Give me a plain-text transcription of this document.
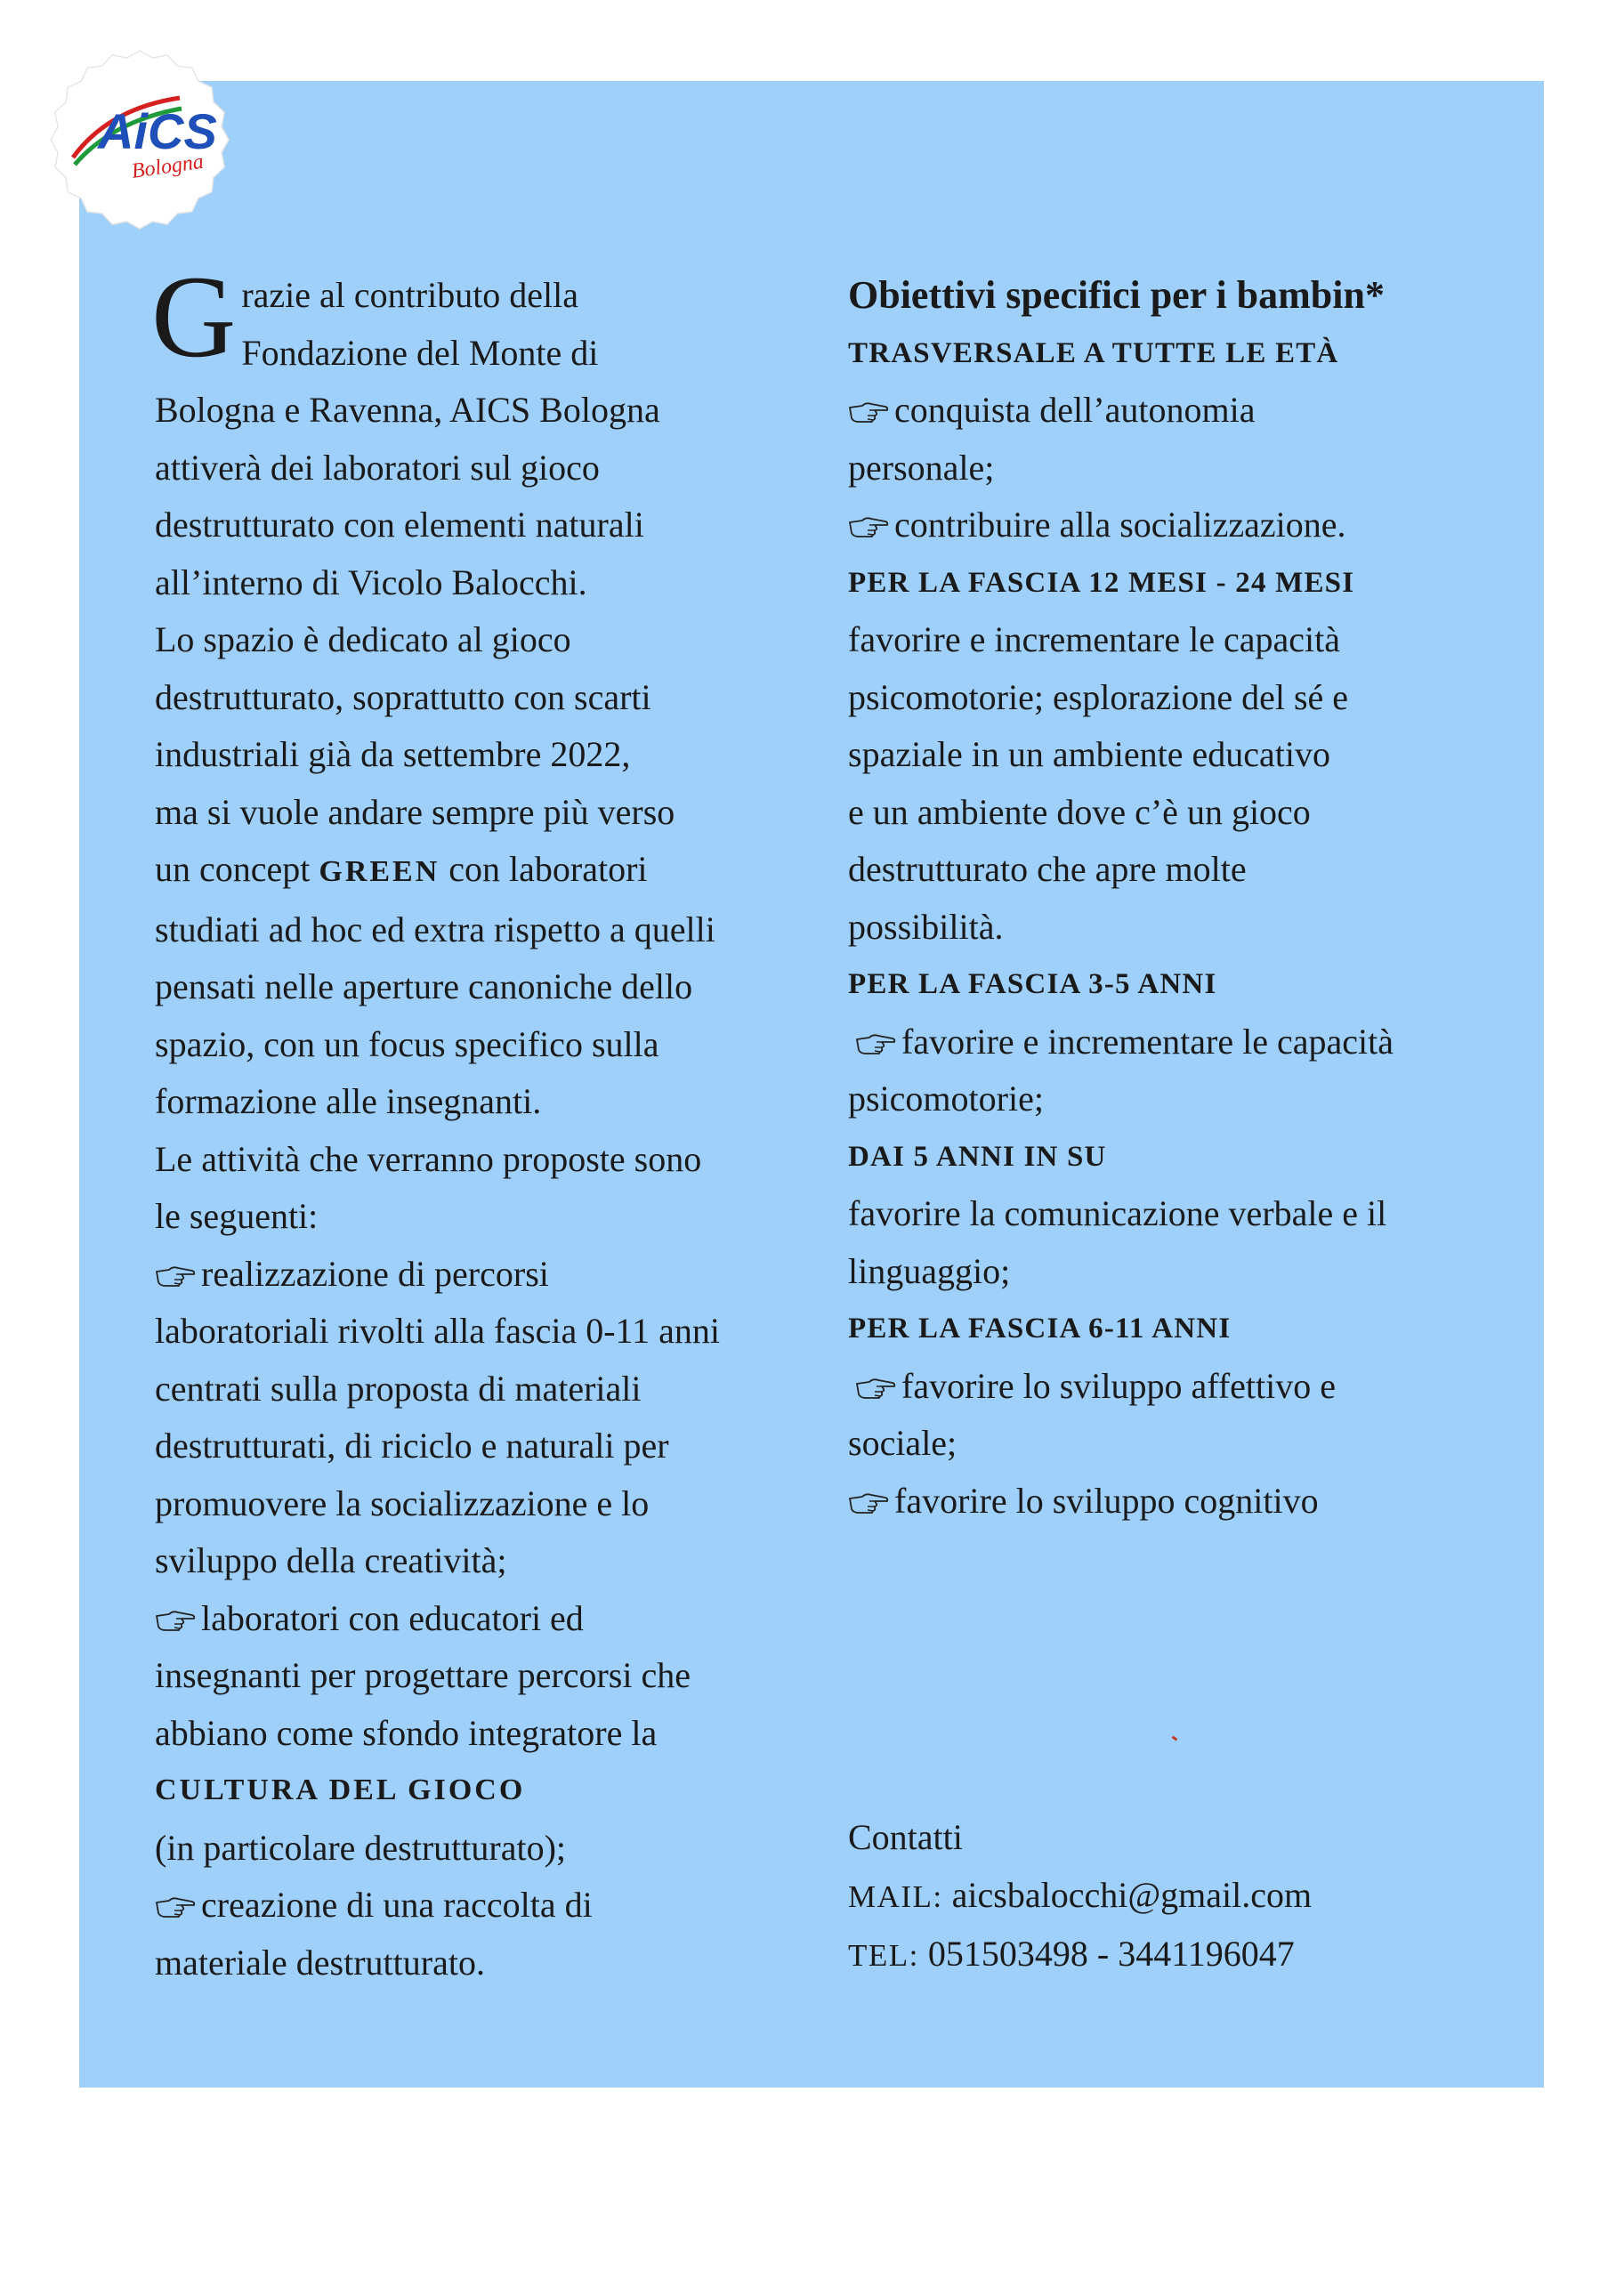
AiCS
Bologna
G razie al contributo della
Fondazione del Monte di
Bologna e Ravenna, AICS Bologna
attiverà dei laboratori sul gioco
destrutturato con elementi naturali
all’interno di Vicolo Balocchi.
Lo spazio è dedicato al gioco
destrutturato, soprattutto con scarti
industriali già da settembre 2022,
ma si vuole andare sempre più verso
un concept GREEN con laboratori
studiati ad hoc ed extra rispetto a quelli
pensati nelle aperture canoniche dello
spazio, con un focus specifico sulla
formazione alle insegnanti.
Le attività che verranno proposte sono
le seguenti:
realizzazione di percorsi
laboratoriali rivolti alla fascia 0-11 anni
centrati sulla proposta di materiali
destrutturati, di riciclo e naturali per
promuovere la socializzazione e lo
sviluppo della creatività;
laboratori con educatori ed
insegnanti per progettare percorsi che
abbiano come sfondo integratore la
CULTURA DEL GIOCO
(in particolare destrutturato);
creazione di una raccolta di
materiale destrutturato.
Obiettivi specifici per i bambin*
TRASVERSALE A TUTTE LE ETÀ
conquista dell’autonomia
personale;
contribuire alla socializzazione.
PER LA FASCIA 12 MESI - 24 MESI
favorire e incrementare le capacità
psicomotorie; esplorazione del sé e
spaziale in un ambiente educativo
e un ambiente dove c’è un gioco
destrutturato che apre molte
possibilità.
PER LA FASCIA 3-5 ANNI
favorire e incrementare le capacità
psicomotorie;
DAI 5 ANNI IN SU
favorire la comunicazione verbale e il
linguaggio;
PER LA FASCIA 6-11 ANNI
favorire lo sviluppo affettivo e
sociale;
favorire lo sviluppo cognitivo
Contatti
MAIL: aicsbalocchi@gmail.com
TEL: 051503498 - 3441196047
